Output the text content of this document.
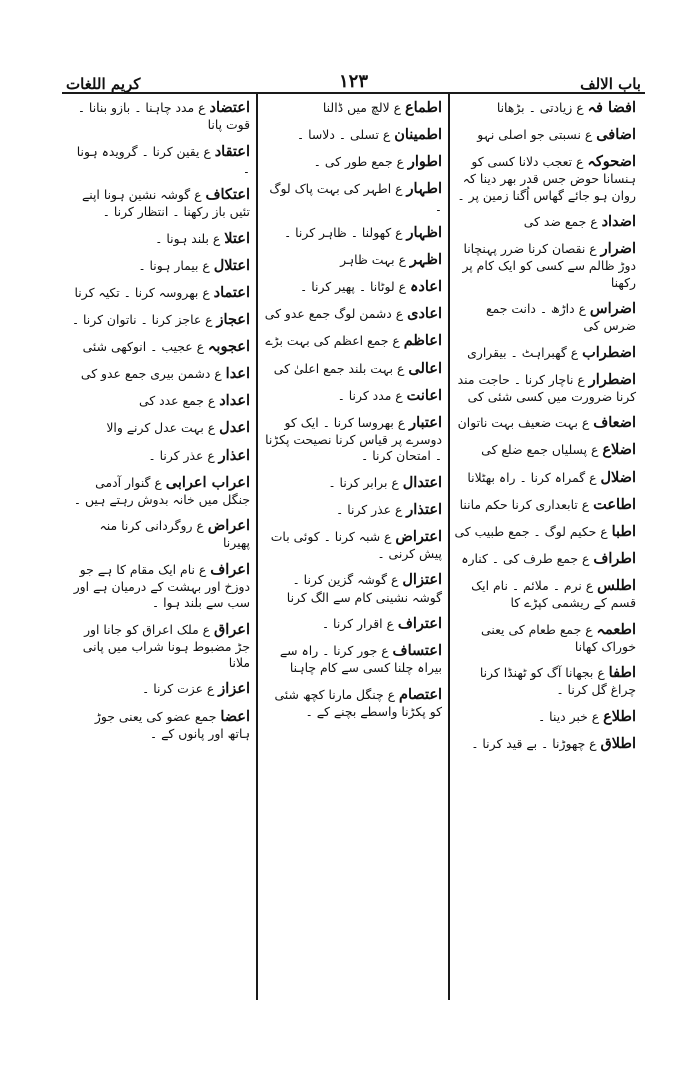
باب الالف
۱۲۳
کریم اللغات

افضا فہ ع زیادتی ۔ بڑھانا

اضافی ع نسبتی جو اصلی نہو

اضحوکہ ع تعجب دلانا کسی کو ہنسانا حوض جس قدر بھر دینا کہ روان ہو جائے گھاس اُگنا زمین پر ۔

اضداد ع جمع ضد کی

اضرار ع نقصان کرنا ضرر پہنچانا دوڑ ظالم سے کسی کو ایک کام پر رکھنا

اضراس ع داڑھ ۔ دانت جمع ضرس کی

اضطراب ع گھبراہٹ ۔ بیقراری

اضطرار ع ناچار کرنا ۔ حاجت مند کرنا ضرورت میں کسی شئی کی

اضعاف ع بہت ضعیف بہت ناتوان

اضلاع ع پسلیاں جمع ضلع کی

اضلال ع گمراہ کرنا ۔ راہ بھٹلانا

اطاعت ع تابعداری کرنا حکم ماننا

اطبا ع حکیم لوگ ۔ جمع طبیب کی

اطراف ع جمع طرف کی ۔ کنارہ

اطلس ع نرم ۔ ملائم ۔ نام ایک قسم کے ریشمی کپڑے کا

اطعمہ ع جمع طعام کی یعنی خوراک کھانا

اطفا ع بجھانا آگ کو ٹھنڈا کرنا چراغ گل کرنا ۔

اطلاع ع خبر دینا ۔

اطلاق ع چھوڑنا ۔ بے قید کرنا ۔

اطماع ع لالچ میں ڈالنا

اطمینان ع تسلی ۔ دلاسا ۔

اطوار ع جمع طور کی ۔

اطہار ع اطہر کی بہت پاک لوگ ۔

اظہار ع کھولنا ۔ ظاہر کرنا ۔

اظہر ع بہت ظاہر

اعادہ ع لوٹانا ۔ پھیر کرنا ۔

اعادی ع دشمن لوگ جمع عدو کی

اعاظم ع جمع اعظم کی بہت بڑے

اعالی ع بہت بلند جمع اعلیٰ کی

اعانت ع مدد کرنا ۔

اعتبار ع بھروسا کرنا ۔ ایک کو دوسرے پر قیاس کرنا نصیحت پکڑنا ۔ امتحان کرنا ۔

اعتدال ع برابر کرنا ۔

اعتذار ع عذر کرنا ۔

اعتراض ع شبہ کرنا ۔ کوئی بات پیش کرنی ۔

اعتزال ع گوشہ گزین کرنا ۔ گوشہ نشینی کام سے الگ کرنا

اعتراف ع اقرار کرنا ۔

اعتساف ع جور کرنا ۔ راہ سے بیراہ چلنا کسی سے کام چاہنا

اعتصام ع چنگل مارنا کچھ شئی کو پکڑنا واسطے بچنے کے ۔

اعتضاد ع مدد چاہنا ۔ بازو بنانا ۔ قوت پانا

اعتقاد ع یقین کرنا ۔ گرویدہ ہونا ۔

اعتکاف ع گوشہ نشین ہونا اپنے تئیں باز رکھنا ۔ انتظار کرنا ۔

اعتلا ع بلند ہونا ۔

اعتلال ع بیمار ہونا ۔

اعتماد ع بھروسہ کرنا ۔ تکیہ کرنا

اعجاز ع عاجز کرنا ۔ ناتوان کرنا ۔

اعجوبہ ع عجیب ۔ انوکھی شئی

اعدا ع دشمن بیری جمع عدو کی

اعداد ع جمع عدد کی

اعدل ع بہت عدل کرنے والا

اعذار ع عذر کرنا ۔

اعراب اعرابی ع گنوار آدمی جنگل میں خانہ بدوش رہتے ہیں ۔

اعراض ع روگردانی کرنا منہ پھیرنا

اعراف ع نام ایک مقام کا ہے جو دوزخ اور بہشت کے درمیان ہے اور سب سے بلند ہوا ۔

اعراق ع ملک اعراق کو جانا اور جڑ مضبوط ہونا شراب میں پانی ملانا

اعزاز ع عزت کرنا ۔

اعضا جمع عضو کی یعنی جوڑ ہاتھ اور پانوں کے ۔
